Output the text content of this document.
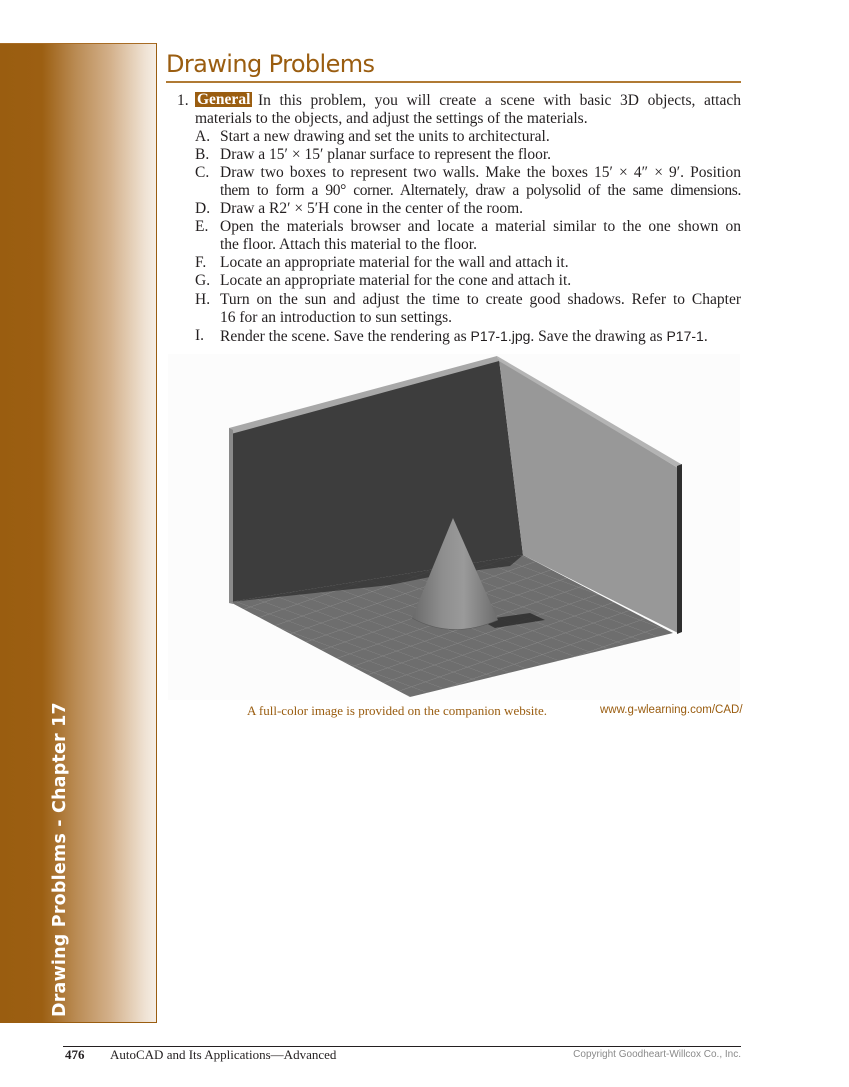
Drawing Problems - Chapter 17
Drawing Problems
1. General In this problem, you will create a scene with basic 3D objects, attach
materials to the objects, and adjust the settings of the materials.
A. Start a new drawing and set the units to architectural.
B. Draw a 15′ × 15′ planar surface to represent the floor.
C. Draw two boxes to represent two walls. Make the boxes 15′ × 4″ × 9′. Position
them to form a 90° corner. Alternately, draw a polysolid of the same dimensions.
D. Draw a R2′ × 5′H cone in the center of the room.
E. Open the materials browser and locate a material similar to the one shown on
the floor. Attach this material to the floor.
F. Locate an appropriate material for the wall and attach it.
G. Locate an appropriate material for the cone and attach it.
H. Turn on the sun and adjust the time to create good shadows. Refer to Chapter
16 for an introduction to sun settings.
I. Render the scene. Save the rendering as P17-1.jpg. Save the drawing as P17-1.
A full-color image is provided on the companion website.	www.g-wlearning.com/CAD/
476 AutoCAD and Its Applications—Advanced	Copyright Goodheart-Willcox Co., Inc.
